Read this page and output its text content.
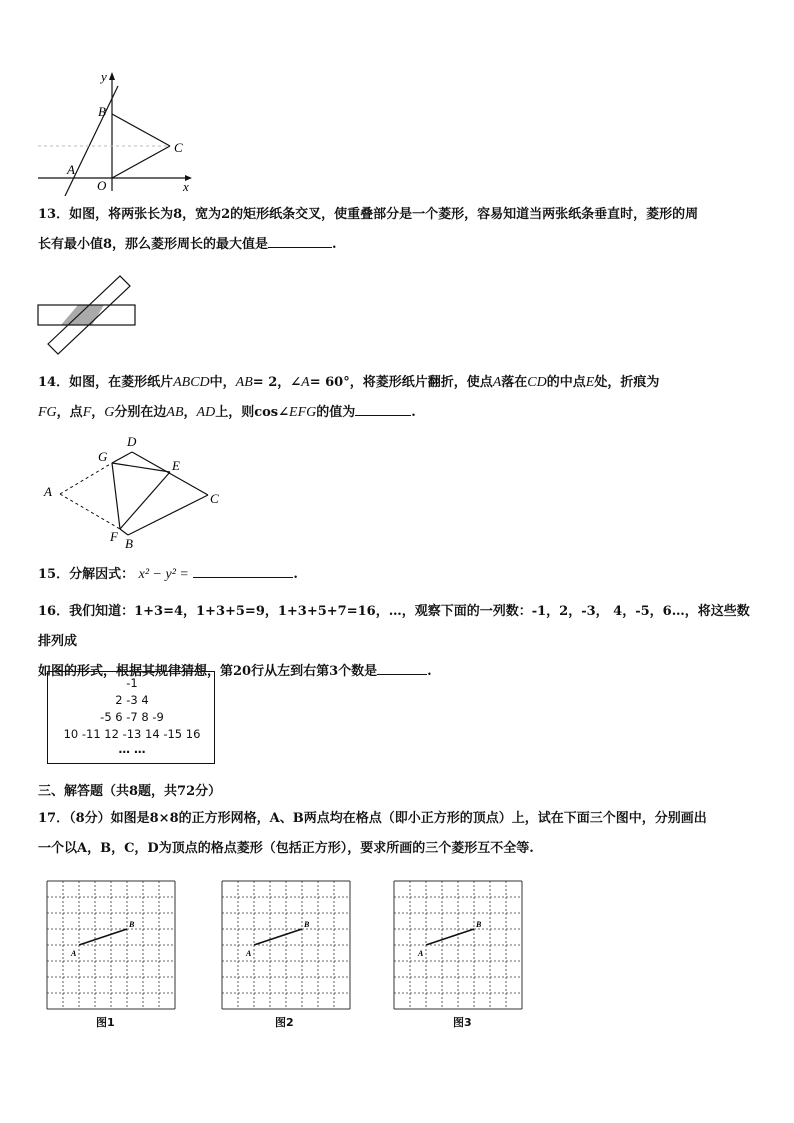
y
B
C
A
O	x
13．如图，将两张长为8，宽为2的矩形纸条交叉，使重叠部分是一个菱形，容易知道当两张纸条垂直时，菱形的周
长有最小值8，那么菱形周长的最大值是	.
14．如图，在菱形纸片ABCD中，AB= 2，∠A= 60°，将菱形纸片翻折，使点A落在CD的中点E处，折痕为
FG，点F，G分别在边AB，AD上，则cos∠EFG的值为	.
D
G
E
A	C
F B
15．分解因式： x² − y² =	.
16．我们知道：1+3=4，1+3+5=9，1+3+5+7=16，…，观察下面的一列数：-1，2，-3， 4，-5，6…，将这些数排列成
如图的形式，根据其规律猜想，第20行从左到右第3个数是	.
-1
2 -3 4
-5 6 -7 8 -9
10 -11 12 -13 14 -15 16
… …
三、解答题（共8题，共72分）
17．（8分）如图是8×8的正方形网格，A、B两点均在格点（即小正方形的顶点）上，试在下面三个图中，分别画出
一个以A，B，C，D为顶点的格点菱形（包括正方形），要求所画的三个菱形互不全等.
A
B
A
B
A
B
图1	图2	图3
